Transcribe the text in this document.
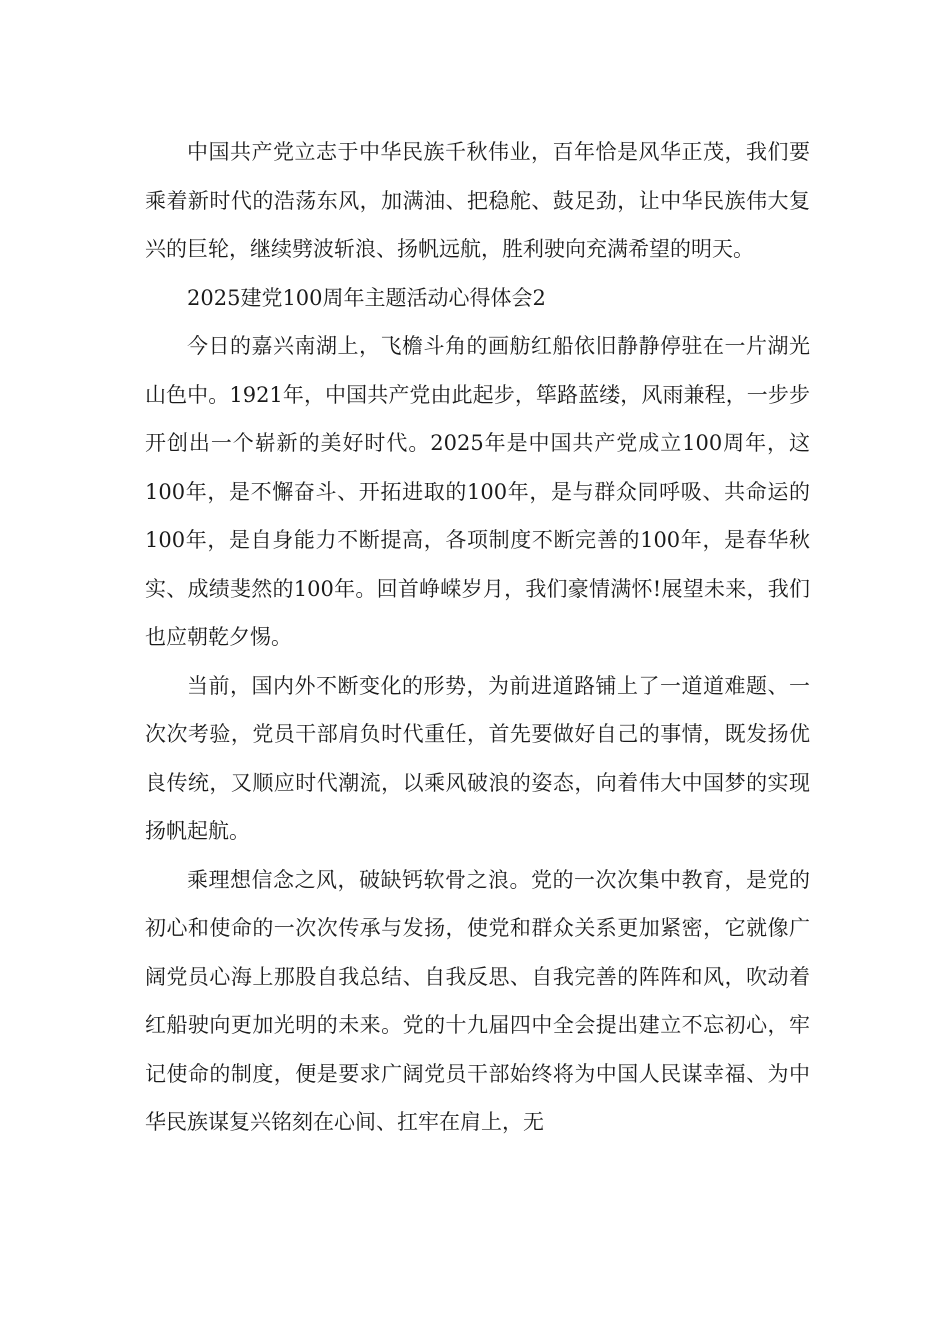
中国共产党立志于中华民族千秋伟业，百年恰是风华正茂，我们要乘着新时代的浩荡东风，加满油、把稳舵、鼓足劲，让中华民族伟大复兴的巨轮，继续劈波斩浪、扬帆远航，胜利驶向充满希望的明天。

2025建党100周年主题活动心得体会2

今日的嘉兴南湖上，飞檐斗角的画舫红船依旧静静停驻在一片湖光山色中。1921年，中国共产党由此起步，筚路蓝缕，风雨兼程，一步步开创出一个崭新的美好时代。2025年是中国共产党成立100周年，这100年，是不懈奋斗、开拓进取的100年，是与群众同呼吸、共命运的100年，是自身能力不断提高，各项制度不断完善的100年，是春华秋实、成绩斐然的100年。回首峥嵘岁月，我们豪情满怀!展望未来，我们也应朝乾夕惕。

当前，国内外不断变化的形势，为前进道路铺上了一道道难题、一次次考验，党员干部肩负时代重任，首先要做好自己的事情，既发扬优良传统，又顺应时代潮流，以乘风破浪的姿态，向着伟大中国梦的实现扬帆起航。

乘理想信念之风，破缺钙软骨之浪。党的一次次集中教育，是党的初心和使命的一次次传承与发扬，使党和群众关系更加紧密，它就像广阔党员心海上那股自我总结、自我反思、自我完善的阵阵和风，吹动着红船驶向更加光明的未来。党的十九届四中全会提出建立不忘初心，牢记使命的制度，便是要求广阔党员干部始终将为中国人民谋幸福、为中华民族谋复兴铭刻在心间、扛牢在肩上，无
